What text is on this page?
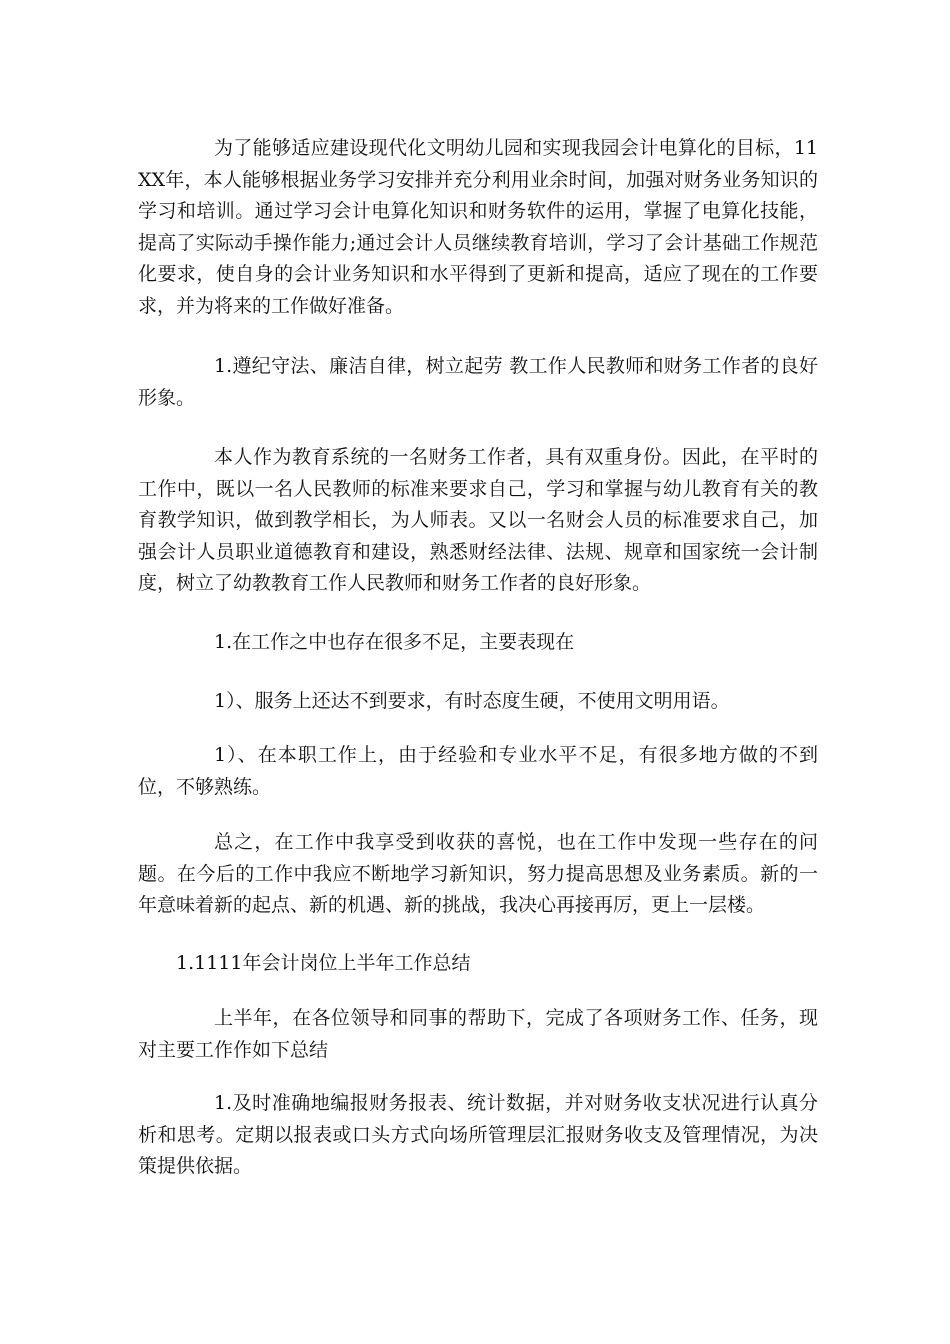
为了能够适应建设现代化文明幼儿园和实现我园会计电算化的目标，11XX年，本人能够根据业务学习安排并充分利用业余时间，加强对财务业务知识的学习和培训。通过学习会计电算化知识和财务软件的运用，掌握了电算化技能，提高了实际动手操作能力;通过会计人员继续教育培训，学习了会计基础工作规范化要求，使自身的会计业务知识和水平得到了更新和提高，适应了现在的工作要求，并为将来的工作做好准备。

1.遵纪守法、廉洁自律，树立起劳 教工作人民教师和财务工作者的良好形象。

本人作为教育系统的一名财务工作者，具有双重身份。因此，在平时的工作中，既以一名人民教师的标准来要求自己，学习和掌握与幼儿教育有关的教育教学知识，做到教学相长，为人师表。又以一名财会人员的标准要求自己，加强会计人员职业道德教育和建设，熟悉财经法律、法规、规章和国家统一会计制度，树立了幼教教育工作人民教师和财务工作者的良好形象。

1.在工作之中也存在很多不足，主要表现在

1）、服务上还达不到要求，有时态度生硬，不使用文明用语。

1）、在本职工作上，由于经验和专业水平不足，有很多地方做的不到位，不够熟练。

总之，在工作中我享受到收获的喜悦，也在工作中发现一些存在的问题。在今后的工作中我应不断地学习新知识，努力提高思想及业务素质。新的一年意味着新的起点、新的机遇、新的挑战，我决心再接再厉，更上一层楼。

1.1111年会计岗位上半年工作总结

上半年，在各位领导和同事的帮助下，完成了各项财务工作、任务，现对主要工作作如下总结

1.及时准确地编报财务报表、统计数据，并对财务收支状况进行认真分析和思考。定期以报表或口头方式向场所管理层汇报财务收支及管理情况，为决策提供依据。
